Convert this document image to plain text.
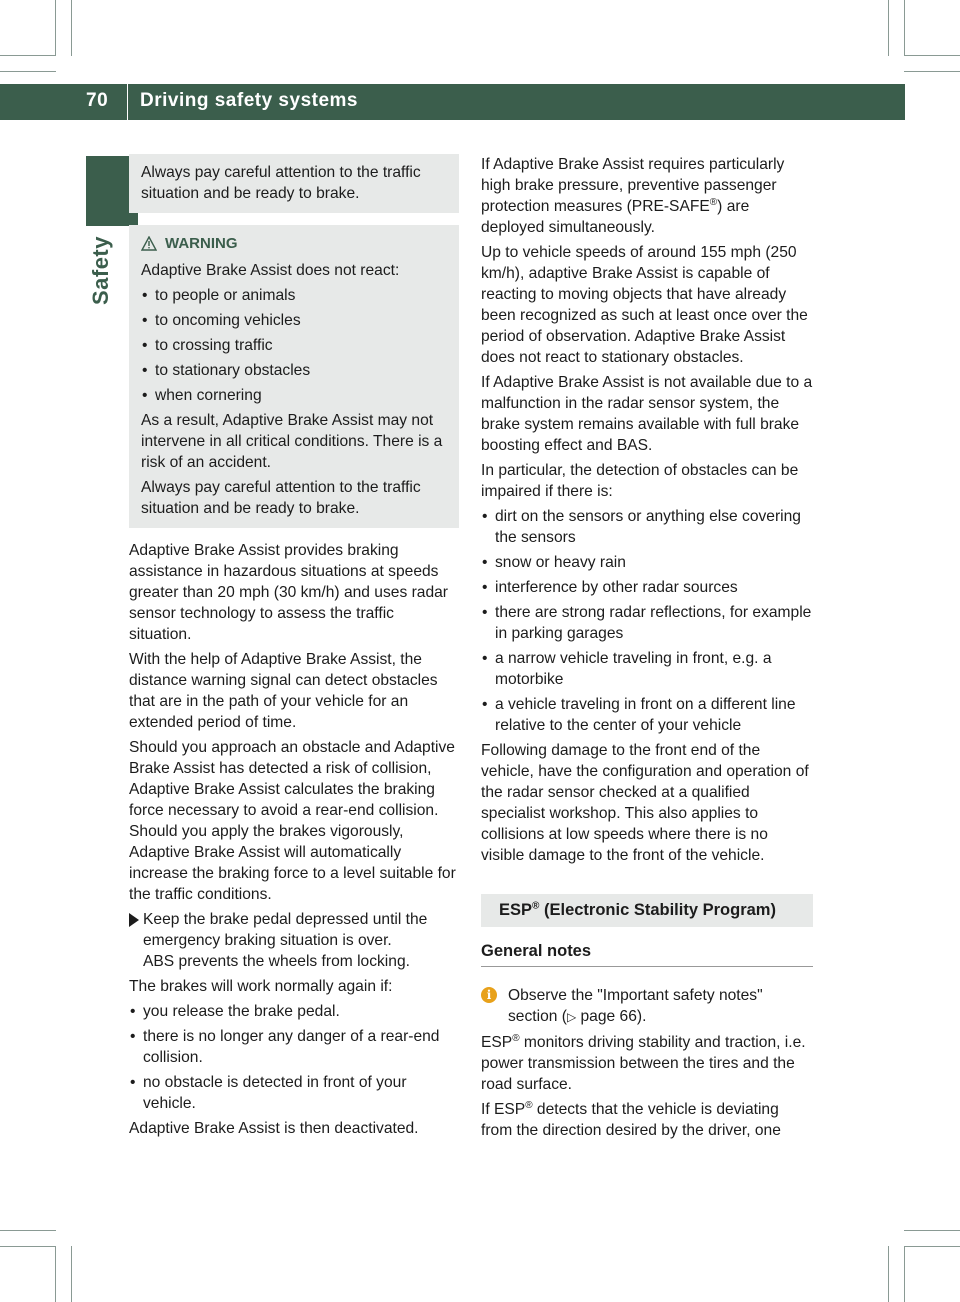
70	Driving safety systems
Safety

Always pay careful attention to the traffic

situation and be ready to brake.

WARNING

Adaptive Brake Assist does not react:

• to people or animals
• to oncoming vehicles
• to crossing traffic
• to stationary obstacles
• when cornering

As a result, Adaptive Brake Assist may not intervene in all critical conditions. There is a risk of an accident.

Always pay careful attention to the traffic situation and be ready to brake.

Adaptive Brake Assist provides braking assistance in hazardous situations at speeds greater than 20 mph (30 km/h) and uses radar sensor technology to assess the traffic situation.

With the help of Adaptive Brake Assist, the distance warning signal can detect obstacles that are in the path of your vehicle for an extended period of time.

Should you approach an obstacle and Adaptive Brake Assist has detected a risk of collision, Adaptive Brake Assist calculates the braking force necessary to avoid a rear-end collision. Should you apply the brakes vigorously, Adaptive Brake Assist will automatically increase the braking force to a level suitable for the traffic conditions.

Keep the brake pedal depressed until the emergency braking situation is over.

ABS prevents the wheels from locking.

The brakes will work normally again if:

• you release the brake pedal.
• there is no longer any danger of a rear-end collision.
• no obstacle is detected in front of your vehicle.

Adaptive Brake Assist is then deactivated.

If Adaptive Brake Assist requires particularly high brake pressure, preventive passenger protection measures (PRE-SAFE®) are deployed simultaneously.

Up to vehicle speeds of around 155 mph (250 km/h), adaptive Brake Assist is capable of reacting to moving objects that have already been recognized as such at least once over the period of observation. Adaptive Brake Assist does not react to stationary obstacles.

If Adaptive Brake Assist is not available due to a malfunction in the radar sensor system, the brake system remains available with full brake boosting effect and BAS.

In particular, the detection of obstacles can be impaired if there is:

• dirt on the sensors or anything else covering the sensors
• snow or heavy rain
• interference by other radar sources
• there are strong radar reflections, for example in parking garages
• a narrow vehicle traveling in front, e.g. a motorbike
• a vehicle traveling in front on a different line relative to the center of your vehicle

Following damage to the front end of the vehicle, have the configuration and operation of the radar sensor checked at a qualified specialist workshop. This also applies to collisions at low speeds where there is no visible damage to the front of the vehicle.

ESP® (Electronic Stability Program)
General notes
i	Observe the "Important safety notes" section (▷ page 66).

ESP® monitors driving stability and traction, i.e. power transmission between the tires and the road surface.

If ESP® detects that the vehicle is deviating from the direction desired by the driver, one
